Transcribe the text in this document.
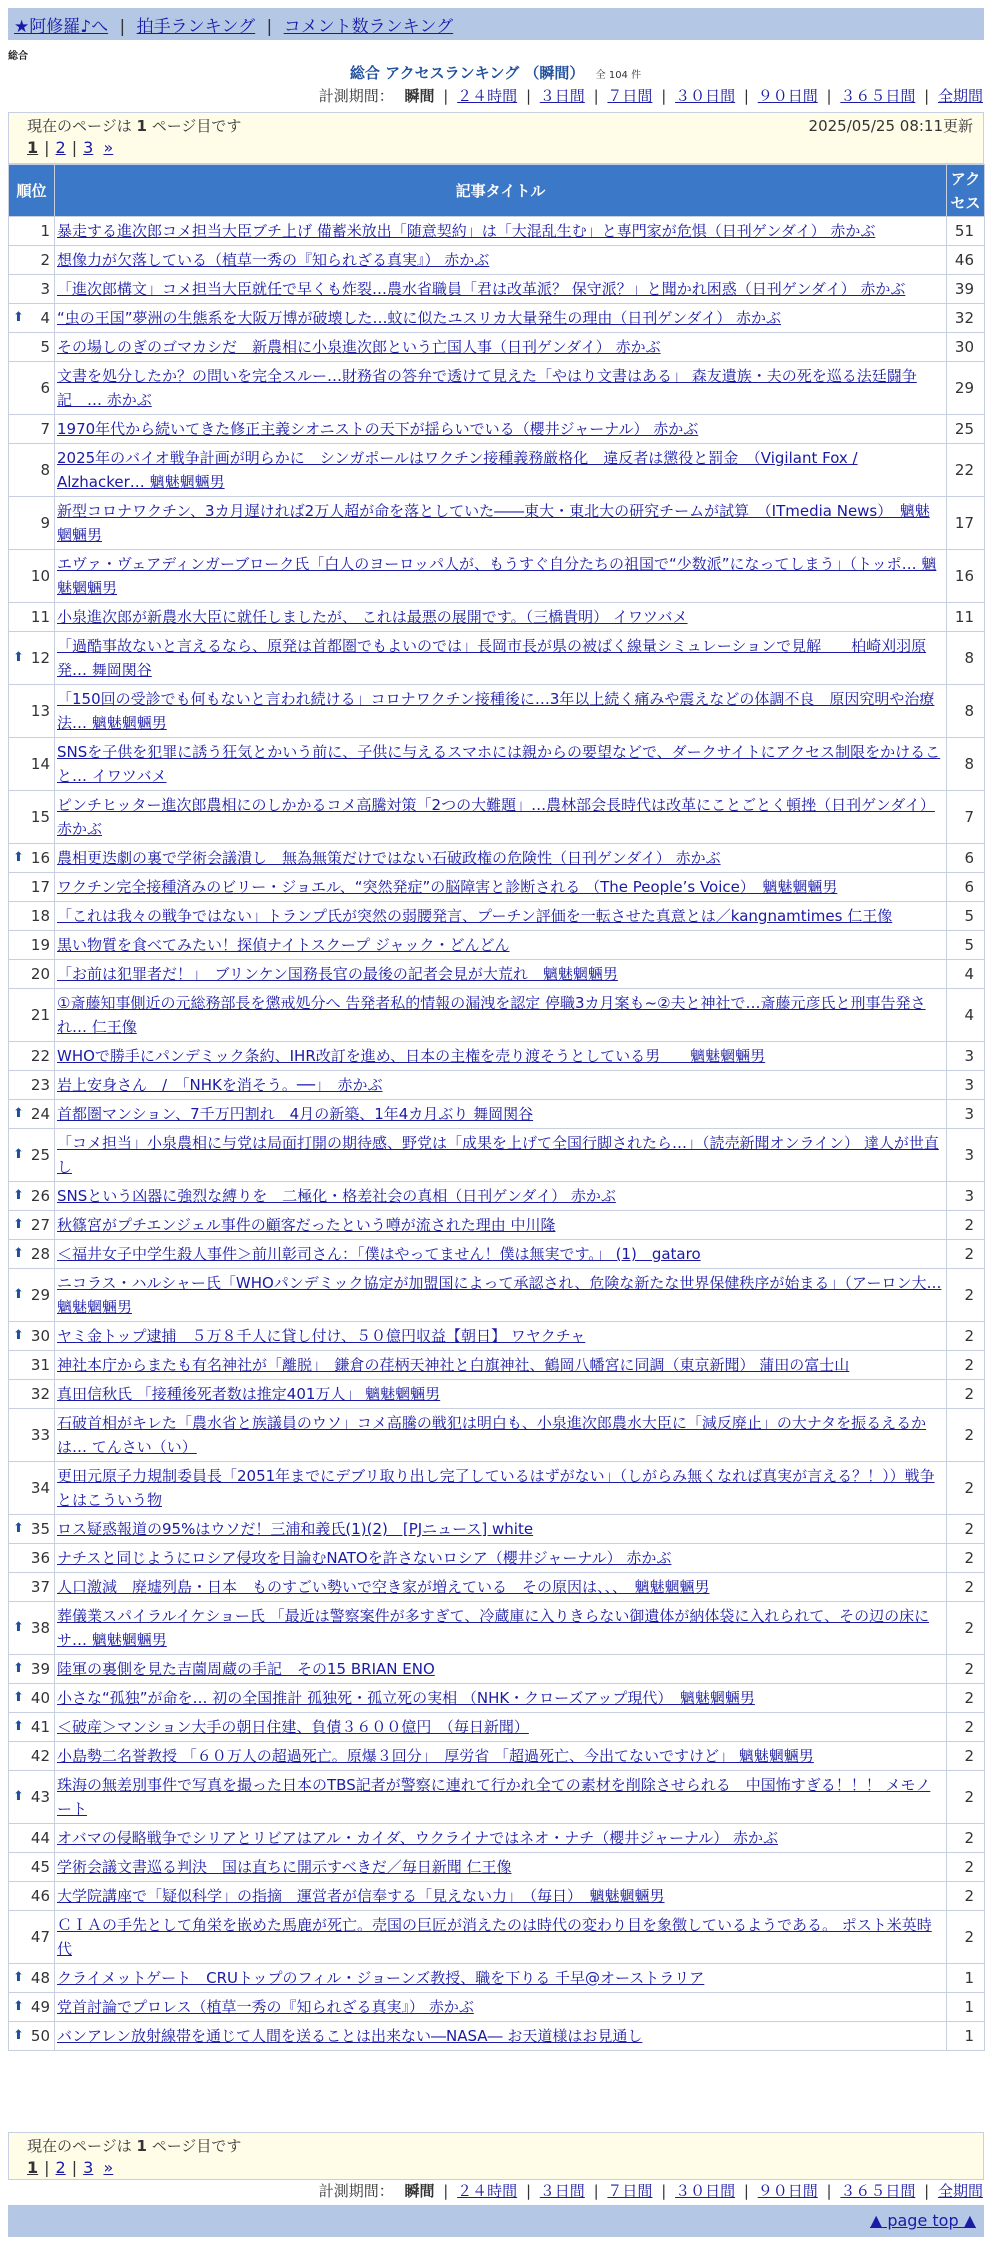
★阿修羅♪へ | 拍手ランキング | コメント数ランキング
総合
総合 アクセスランキング （瞬間） 全 104 件
計測期間： 瞬間 | ２４時間 | ３日間 | ７日間 | ３０日間 | ９０日間 | ３６５日間 | 全期間
現在のページは 1 ページ目です	2025/05/25 08:11更新
1 | 2 | 3 »
順位	記事タイトル	アクセス
1	暴走する進次郎コメ担当大臣ブチ上げ 備蓄米放出「随意契約」は「大混乱生む」と専門家が危惧（日刊ゲンダイ） 赤かぶ	51
2	想像力が欠落している（植草一秀の『知られざる真実』） 赤かぶ	46
3	「進次郎構文」コメ担当大臣就任で早くも炸裂…農水省職員「君は改革派？ 保守派？」と聞かれ困惑（日刊ゲンダイ） 赤かぶ	39

⬆ 4	“虫の王国”夢洲の生態系を大阪万博が破壊した…蚊に似たユスリカ大量発生の理由（日刊ゲンダイ） 赤かぶ	32
5	その場しのぎのゴマカシだ　新農相に小泉進次郎という亡国人事（日刊ゲンダイ） 赤かぶ	30
6	文書を処分したか？の問いを完全スルー…財務省の答弁で透けて見えた「やはり文書はある」 森友遺族・夫の死を巡る法廷闘争記　… 赤かぶ	29
7	1970年代から続いてきた修正主義シオニストの天下が揺らいでいる（櫻井ジャーナル） 赤かぶ	25
8	2025年のバイオ戦争計画が明らかに　シンガポールはワクチン接種義務厳格化　違反者は懲役と罰金　（Vigilant Fox / Alzhacker… 魑魅魍魎男	22
9	新型コロナワクチン、3カ月遅ければ2万人超が命を落としていた――東大・東北大の研究チームが試算　（ITmedia News）　魑魅魍魎男	17
10	エヴァ・ヴェアディンガーブローク氏「白人のヨーロッパ人が、もうすぐ自分たちの祖国で“少数派”になってしまう」（トッポ… 魑魅魍魎男	16
11	小泉進次郎が新農水大臣に就任しましたが、 これは最悪の展開です。（三橋貴明） イワツバメ	11

⬆ 12	「過酷事故ないと言えるなら、原発は首都圏でもよいのでは」長岡市長が県の被ばく線量シミュレーションで見解　　柏崎刈羽原発… 舞岡関谷	8
13	「150回の受診でも何もないと言われ続ける」コロナワクチン接種後に…3年以上続く痛みや震えなどの体調不良　原因究明や治療法… 魑魅魍魎男	8
14	SNSを子供を犯罪に誘う狂気とかいう前に、子供に与えるスマホには親からの要望などで、ダークサイトにアクセス制限をかけること… イワツバメ	8
15	ピンチヒッター進次郎農相にのしかかるコメ高騰対策「2つの大難題」…農林部会長時代は改革にことごとく頓挫（日刊ゲンダイ） 赤かぶ	7

⬆ 16	農相更迭劇の裏で学術会議潰し　無為無策だけではない石破政権の危険性（日刊ゲンダイ） 赤かぶ	6
17	ワクチン完全接種済みのビリー・ジョエル、“突然発症”の脳障害と診断される （The People’s Voice）　魑魅魍魎男	6
18	「これは我々の戦争ではない」トランプ氏が突然の弱腰発言、プーチン評価を一転させた真意とは／kangnamtimes 仁王像	5
19	黒い物質を食べてみたい！探偵ナイトスクープ ジャック・どんどん	5
20	「お前は犯罪者だ！」　ブリンケン国務長官の最後の記者会見が大荒れ　魑魅魍魎男	4
21	①斎藤知事側近の元総務部長を懲戒処分へ 告発者私的情報の漏洩を認定 停職3カ月案も~②夫と神社で…斎藤元彦氏と刑事告発され… 仁王像	4
22	WHOで勝手にパンデミック条約、IHR改訂を進め、日本の主権を売り渡そうとしている男　　魑魅魍魎男	3
23	岩上安身さん　/　「NHKを消そう。──」　赤かぶ	3

⬆ 24	首都圏マンション、7千万円割れ　4月の新築、1年4カ月ぶり 舞岡関谷	3

⬆ 25	「コメ担当」小泉農相に与党は局面打開の期待感、野党は「成果を上げて全国行脚されたら…」（読売新聞オンライン） 達人が世直し	3

⬆ 26	SNSという凶器に強烈な縛りを　二極化・格差社会の真相（日刊ゲンダイ） 赤かぶ	3

⬆ 27	秋篠宮がプチエンジェル事件の顧客だったという噂が流された理由 中川隆	2

⬆ 28	＜福井女子中学生殺人事件＞前川彰司さん：「僕はやってません！僕は無実です。」 (1)　gataro	2

⬆ 29	ニコラス・ハルシャー氏「WHOパンデミック協定が加盟国によって承認され、危険な新たな世界保健秩序が始まる」（アーロン大… 魑魅魍魎男	2

⬆ 30	ヤミ金トップ逮捕　５万８千人に貸し付け、５０億円収益【朝日】 ワヤクチャ	2
31	神社本庁からまたも有名神社が「離脱」　鎌倉の荏柄天神社と白旗神社、鶴岡八幡宮に同調（東京新聞） 蒲田の富士山	2
32	真田信秋氏 「接種後死者数は推定401万人」 魑魅魍魎男	2
33	石破首相がキレた「農水省と族議員のウソ」コメ高騰の戦犯は明白も、小泉進次郎農水大臣に「減反廃止」の大ナタを振るえるかは… てんさい（い）	2
34	更田元原子力規制委員長「2051年までにデブリ取り出し完了しているはずがない」（しがらみ無くなれば真実が言える？！））戦争とはこういう物	2

⬆ 35	ロス疑惑報道の95%はウソだ！三浦和義氏(1)(2)　[PJニュース] white	2
36	ナチスと同じようにロシア侵攻を目論むNATOを許さないロシア（櫻井ジャーナル） 赤かぶ	2
37	人口激減　廃墟列島・日本　ものすごい勢いで空き家が増えている　その原因は、、、　魑魅魍魎男	2

⬆ 38	葬儀業スパイラルイケショー氏 「最近は警察案件が多すぎて、冷蔵庫に入りきらない御遺体が納体袋に入れられて、その辺の床にサ… 魑魅魍魎男	2

⬆ 39	陸軍の裏側を見た吉薗周蔵の手記　その15 BRIAN ENO	2

⬆ 40	小さな“孤独”が命を… 初の全国推計 孤独死・孤立死の実相 （NHK・クローズアップ現代）　魑魅魍魎男	2

⬆ 41	＜破産＞マンション大手の朝日住建、負債３６００億円　（毎日新聞）	2
42	小島勢二名誉教授 「６０万人の超過死亡。原爆３回分」　厚労省 「超過死亡、今出てないですけど」 魑魅魍魎男	2

⬆ 43	珠海の無差別事件で写真を撮った日本のTBS記者が警察に連れて行かれ全ての素材を削除させられる　中国怖すぎる！！！ メモノート	2
44	オバマの侵略戦争でシリアとリビアはアル・カイダ、ウクライナではネオ・ナチ（櫻井ジャーナル） 赤かぶ	2
45	学術会議文書巡る判決　国は直ちに開示すべきだ／毎日新聞 仁王像	2
46	大学院講座で「疑似科学」の指摘　運営者が信奉する「見えない力」　（毎日）　魑魅魍魎男	2
47	ＣＩＡの手先として角栄を嵌めた馬鹿が死亡。売国の巨匠が消えたのは時代の変わり目を象徴しているようである。 ポスト米英時代	2

⬆ 48	クライメットゲート　CRUトップのフィル・ジョーンズ教授、職を下りる 千早@オーストラリア	1

⬆ 49	党首討論でプロレス（植草一秀の『知られざる真実』） 赤かぶ	1

⬆ 50	バンアレン放射線帯を通じて人間を送ることは出来ない―NASA― お天道様はお見通し	1
現在のページは 1 ページ目です
1 | 2 | 3 »
計測期間： 瞬間 | ２４時間 | ３日間 | ７日間 | ３０日間 | ９０日間 | ３６５日間 | 全期間
▲ page top ▲
